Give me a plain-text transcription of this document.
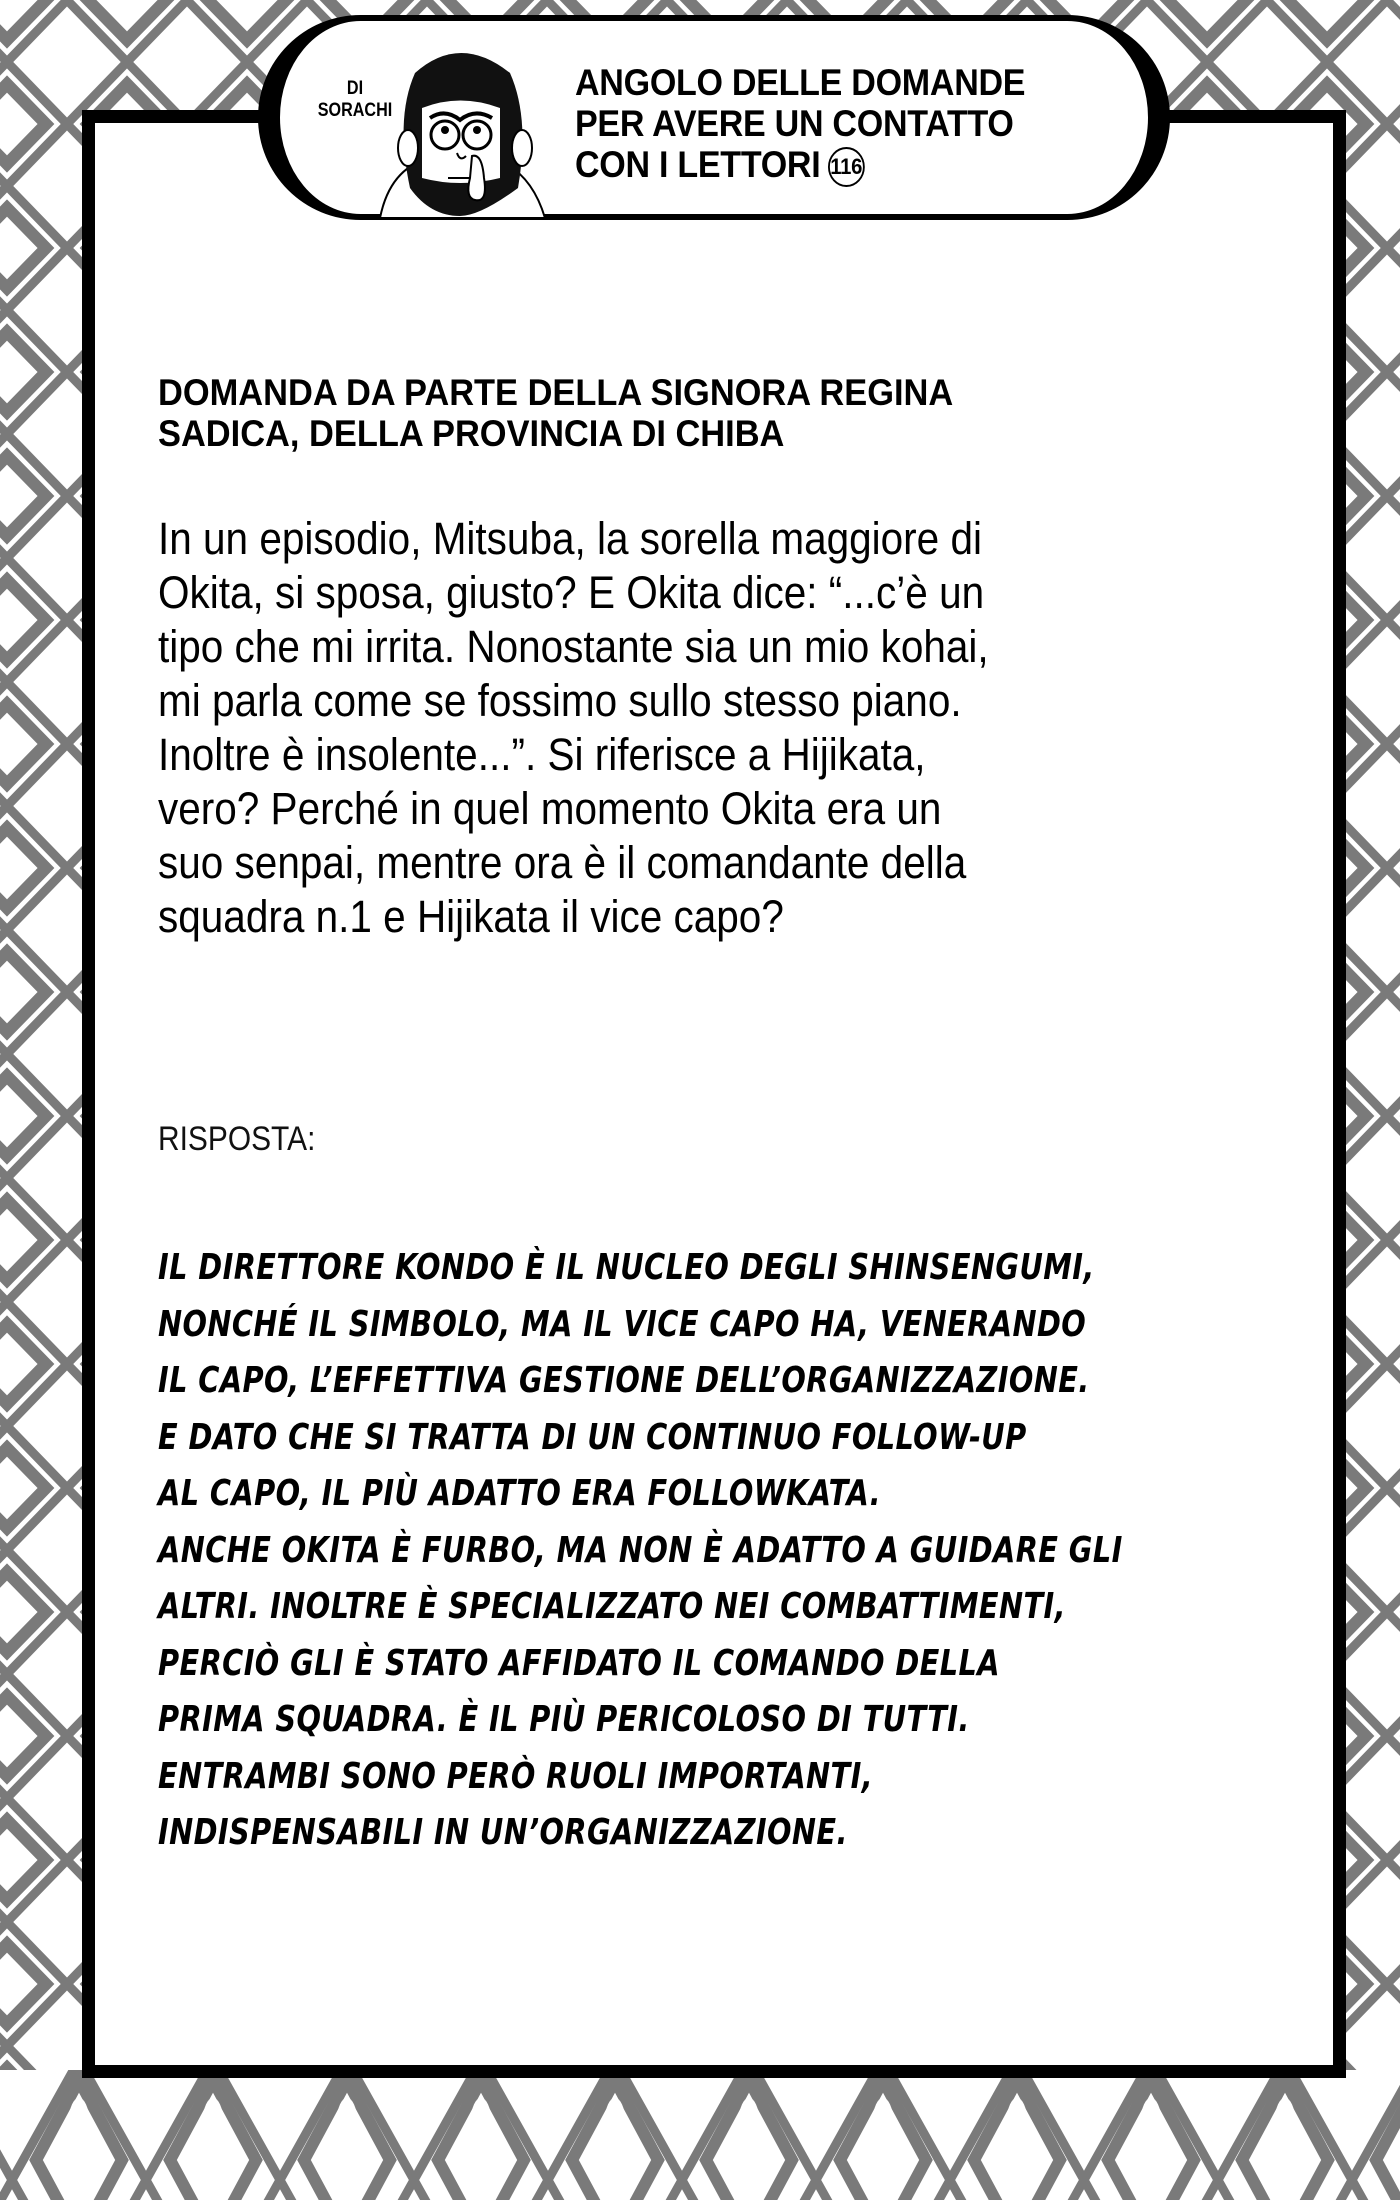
DI
SORACHI
ANGOLO DELLE DOMANDE
PER AVERE UN CONTATTO
CON I LETTORI 116
DOMANDA DA PARTE DELLA SIGNORA REGINA
SADICA, DELLA PROVINCIA DI CHIBA
In un episodio, Mitsuba, la sorella maggiore di
Okita, si sposa, giusto? E Okita dice: “...c’è un
tipo che mi irrita. Nonostante sia un mio kohai,
mi parla come se fossimo sullo stesso piano.
Inoltre è insolente...”. Si riferisce a Hijikata,
vero? Perché in quel momento Okita era un
suo senpai, mentre ora è il comandante della
squadra n.1 e Hijikata il vice capo?
RISPOSTA:
IL DIRETTORE KONDO È IL NUCLEO DEGLI SHINSENGUMI,
NONCHÉ IL SIMBOLO, MA IL VICE CAPO HA, VENERANDO
IL CAPO, L’EFFETTIVA GESTIONE DELL’ORGANIZZAZIONE.
E DATO CHE SI TRATTA DI UN CONTINUO FOLLOW-UP
AL CAPO, IL PIÙ ADATTO ERA FOLLOWKATA.
ANCHE OKITA È FURBO, MA NON È ADATTO A GUIDARE GLI
ALTRI. INOLTRE È SPECIALIZZATO NEI COMBATTIMENTI,
PERCIÒ GLI È STATO AFFIDATO IL COMANDO DELLA
PRIMA SQUADRA. È IL PIÙ PERICOLOSO DI TUTTI.
ENTRAMBI SONO PERÒ RUOLI IMPORTANTI,
INDISPENSABILI IN UN’ORGANIZZAZIONE.
